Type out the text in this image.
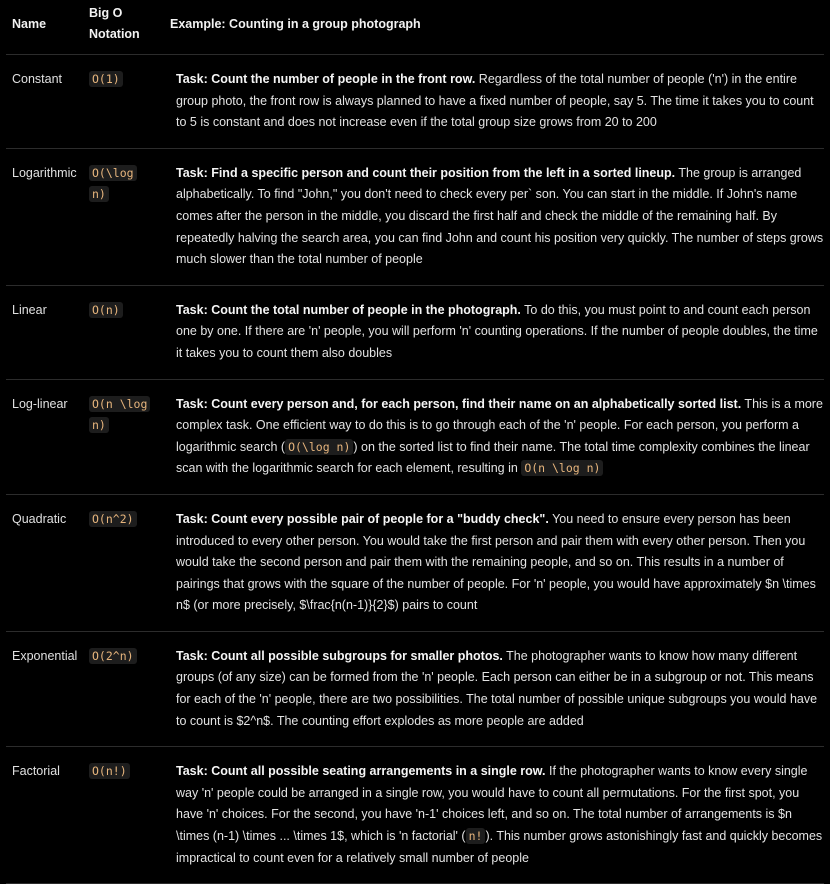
Name	Big O Notation	Example: Counting in a group photograph
Constant	O(1)	Task: Count the number of people in the front row. Regardless of the total number of people ('n') in the entire group photo, the front row is always planned to have a fixed number of people, say 5. The time it takes you to count to 5 is constant and does not increase even if the total group size grows from 20 to 200
Logarithmic	O(\log n)	Task: Find a specific person and count their position from the left in a sorted lineup. The group is arranged alphabetically. To find "John," you don't need to check every per` son. You can start in the middle. If John's name comes after the person in the middle, you discard the first half and check the middle of the remaining half. By repeatedly halving the search area, you can find John and count his position very quickly. The number of steps grows much slower than the total number of people
Linear	O(n)	Task: Count the total number of people in the photograph. To do this, you must point to and count each person one by one. If there are 'n' people, you will perform 'n' counting operations. If the number of people doubles, the time it takes you to count them also doubles
Log-linear	O(n \log n)	Task: Count every person and, for each person, find their name on an alphabetically sorted list. This is a more complex task. One efficient way to do this is to go through each of the 'n' people. For each person, you perform a logarithmic search ( O(\log n) ) on the sorted list to find their name. The total time complexity combines the linear scan with the logarithmic search for each element, resulting in O(n \log n)
Quadratic	O(n^2)	Task: Count every possible pair of people for a "buddy check". You need to ensure every person has been introduced to every other person. You would take the first person and pair them with every other person. Then you would take the second person and pair them with the remaining people, and so on. This results in a number of pairings that grows with the square of the number of people. For 'n' people, you would have approximately $n \times n$ (or more precisely, $\frac{n(n-1)}{2}$) pairs to count
Exponential	O(2^n)	Task: Count all possible subgroups for smaller photos. The photographer wants to know how many different groups (of any size) can be formed from the 'n' people. Each person can either be in a subgroup or not. This means for each of the 'n' people, there are two possibilities. The total number of possible unique subgroups you would have to count is $2^n$. The counting effort explodes as more people are added
Factorial	O(n!)	Task: Count all possible seating arrangements in a single row. If the photographer wants to know every single way 'n' people could be arranged in a single row, you would have to count all permutations. For the first spot, you have 'n' choices. For the second, you have 'n-1' choices left, and so on. The total number of arrangements is $n \times (n-1) \times ... \times 1$, which is 'n factorial' ( n! ). This number grows astonishingly fast and quickly becomes impractical to count even for a relatively small number of people
